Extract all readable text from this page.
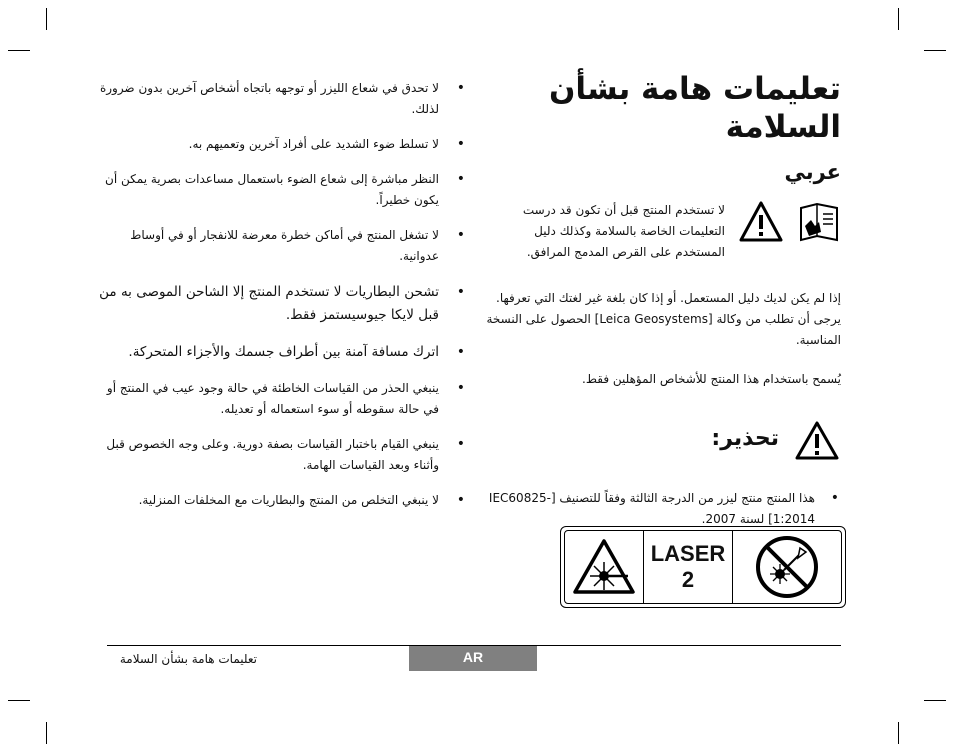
• لا تحدق في شعاع الليزر أو توجهه باتجاه أشخاص آخرين بدون ضرورة لذلك.
• لا تسلط ضوء الشديد على أفراد آخرين وتعميهم به.
• النظر مباشرة إلى شعاع الضوء باستعمال مساعدات بصرية يمكن أن يكون خطيراً.
• لا تشغل المنتج في أماكن خطرة معرضة للانفجار أو في أوساط عدوانية.
• تشحن البطاريات لا تستخدم المنتج إلا الشاحن الموصى به من قبل لايكا جيوسيستمز فقط.
• اترك مسافة آمنة بين أطراف جسمك والأجزاء المتحركة.
• ينبغي الحذر من القياسات الخاطئة في حالة وجود عيب في المنتج أو في حالة سقوطه أو سوء استعماله أو تعديله.
• ينبغي القيام باختبار القياسات بصفة دورية. وعلى وجه الخصوص قبل وأثناء وبعد القياسات الهامة.
• لا ينبغي التخلص من المنتج والبطاريات مع المخلفات المنزلية.
تعليمات هامة بشأن
السلامة
عربي
لا تستخدم المنتج قبل أن تكون قد درست التعليمات الخاصة بالسلامة وكذلك دليل المستخدم على القرص المدمج المرافق.
إذا لم يكن لديك دليل المستعمل. أو إذا كان بلغة غير لغتك التي تعرفها. يرجى أن تطلب من وكالة [Leica Geosystems] الحصول على النسخة المناسبة.
يُسمح باستخدام هذا المنتج للأشخاص المؤهلين فقط.
تحذير:
• هذا المنتج منتج ليزر من الدرجة الثالثة وفقاً للتصنيف [IEC60825-1:2014] لسنة 2007.
LASER
2
تعليمات هامة بشأن السلامة	AR
